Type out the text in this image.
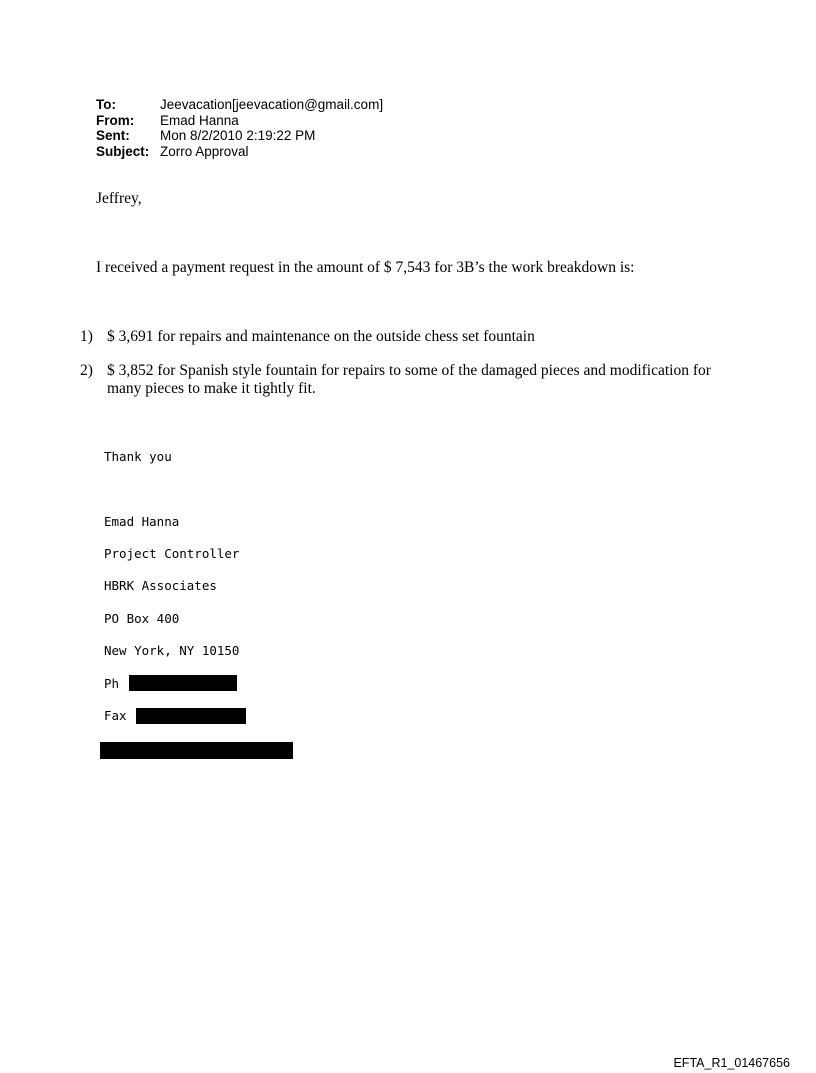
To:	Jeevacation[jeevacation@gmail.com]
From:	Emad Hanna
Sent:	Mon 8/2/2010 2:19:22 PM
Subject: Zorro Approval
Jeffrey,
I received a payment request in the amount of $ 7,543 for 3B’s the work breakdown is:
1) $ 3,691 for repairs and maintenance on the outside chess set fountain
2) $ 3,852 for Spanish style fountain for repairs to some of the damaged pieces and modification for many pieces to make it tightly fit.
Thank you
Emad Hanna
Project Controller
HBRK Associates
PO Box 400
New York, NY 10150
Ph
Fax
EFTA_R1_01467656
